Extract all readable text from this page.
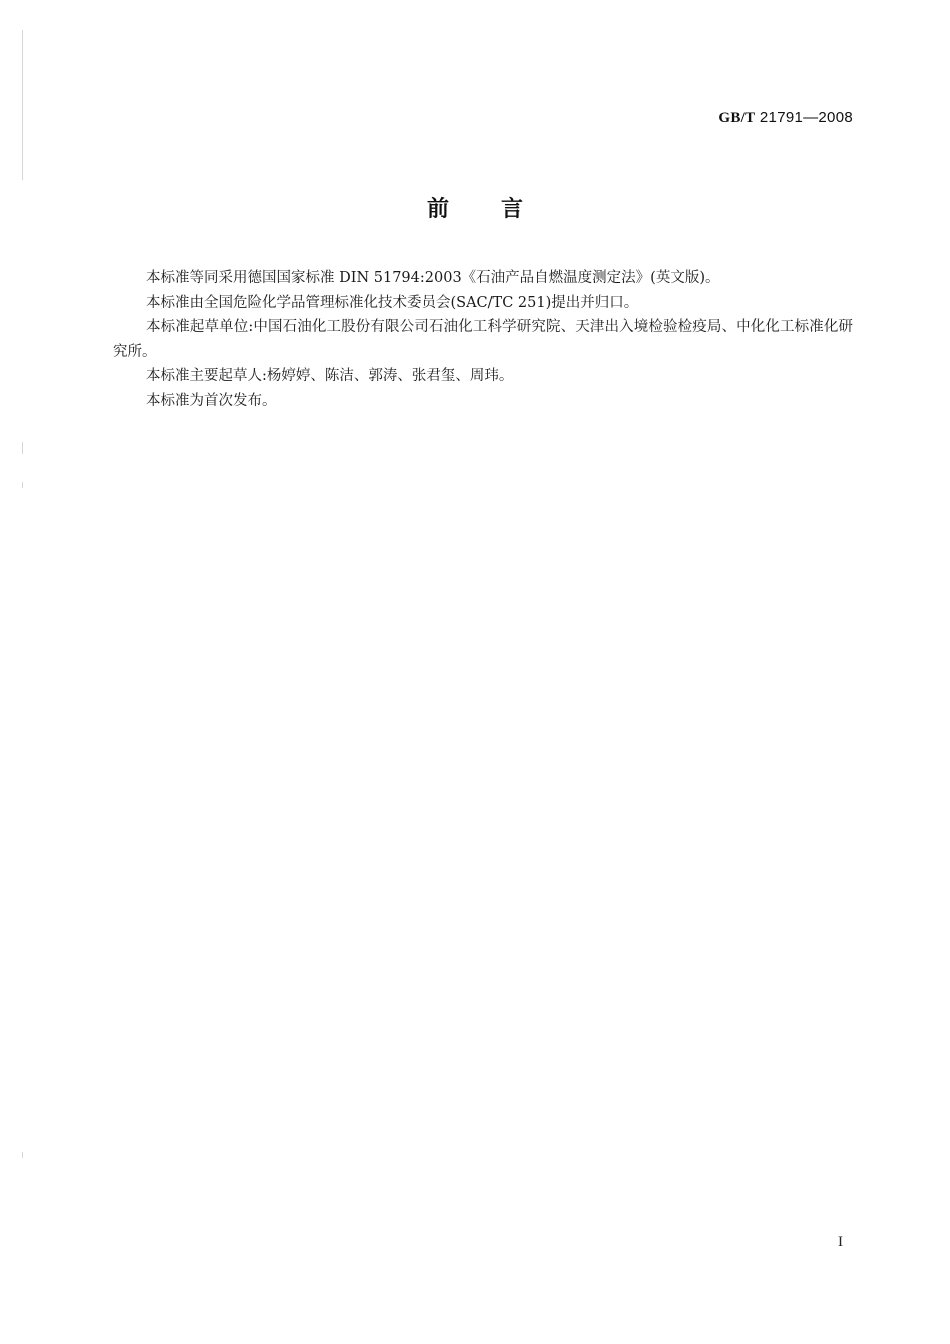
GB/T 21791—2008
前言

本标准等同采用德国国家标准 DIN 51794:2003《石油产品自燃温度测定法》(英文版)。

本标准由全国危险化学品管理标准化技术委员会(SAC/TC 251)提出并归口。

本标准起草单位:中国石油化工股份有限公司石油化工科学研究院、天津出入境检验检疫局、中化化工标准化研究所。

本标准主要起草人:杨婷婷、陈洁、郭涛、张君玺、周玮。

本标准为首次发布。

I
